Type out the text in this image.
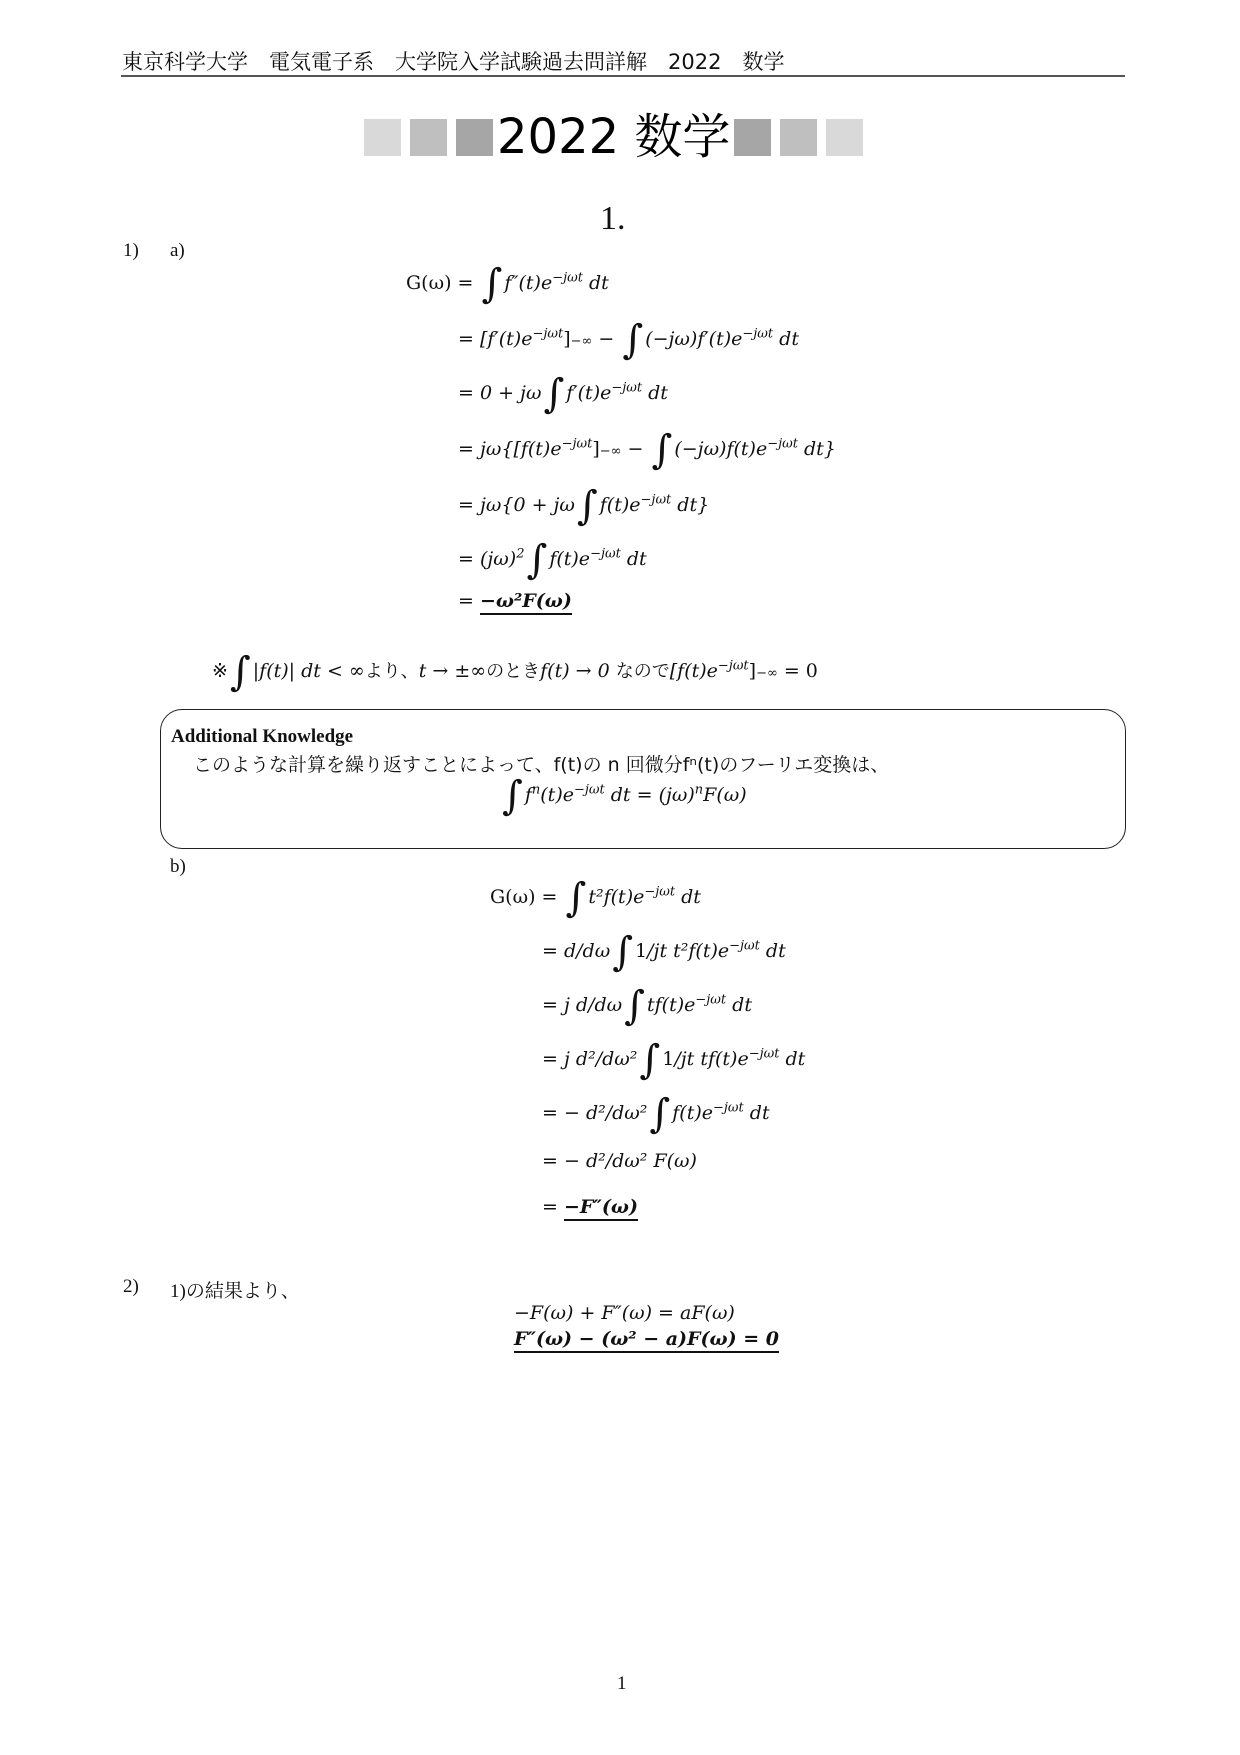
東京科学大学　電気電子系　大学院入学試験過去問詳解　2022　数学
2022 数学
1.
1) a)
G(ω) = ∫ $f''(t)e^{-j\omega t}$ dt
= $[f'(t)e^{-j\omega t}]-\infty$ − ∫ $(-j\omega)f'(t)e^{-j\omega t}$ dt
= 0 + jω∫ $f'(t)e^{-j\omega t}$ dt
= $j\omega\{[f(t)e^{-j\omega t}]-\infty$ − ∫ $(-j\omega)f(t)e^{-j\omega t}$ dt}
= jω{0 + jω∫ $f(t)e^{-j\omega t}$ dt}
= $(j\omega)^2\int$ $f(t)e^{-j\omega t}$ dt
= −ω²F(ω)
※∫ |f(t)| dt < ∞より、t → ±∞のときf(t) → 0 なので$[f(t)e^{-j\omega t}]-\infty = 0$
Additional Knowledge
このような計算を繰り返すことによって、f(t)の n 回微分fⁿ(t)のフーリエ変換は、
∫ $f^n(t)e^{-j\omega t}$ dt = $(j\omega)^nF(\omega)$
b)
G(ω) = ∫ $t^2f(t)e^{-j\omega t}$ dt
= d/dω∫ 1/jt $t^2f(t)e^{-j\omega t}$ dt
= j d/dω∫ $tf(t)e^{-j\omega t}$ dt
= j d²/dω²∫ 1/jt $tf(t)e^{-j\omega t}$ dt
= − d²/dω²∫ $f(t)e^{-j\omega t}$ dt
= − d²/dω² F(ω)
= −F″(ω)
2) 1)の結果より、
−F(ω) + F″(ω) = aF(ω)
F″(ω) − (ω² − a)F(ω) = 0
1
